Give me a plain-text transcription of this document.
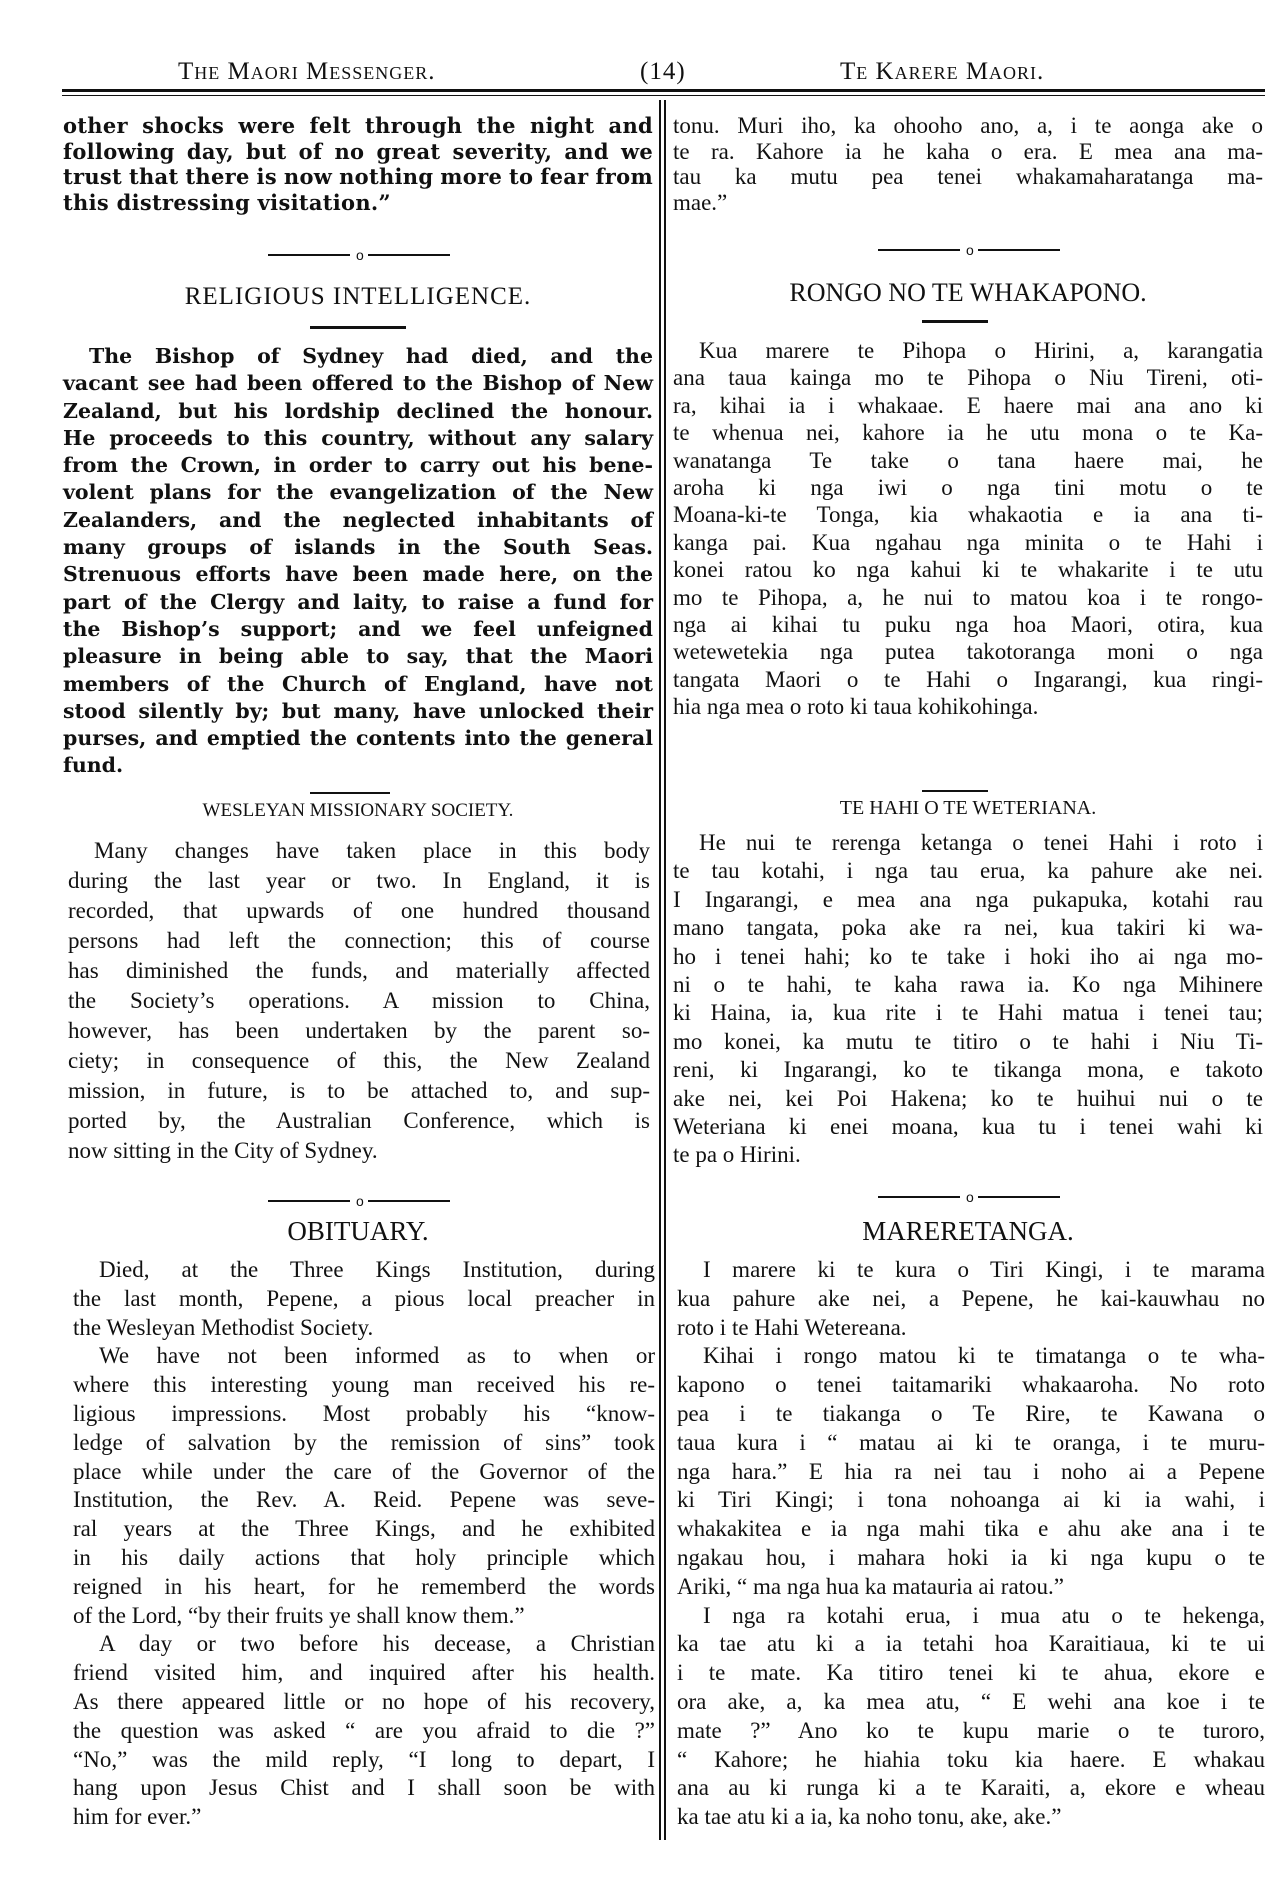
The Maori Messenger.	(14)	Te Karere Maori.
other shocks were felt through the night and
following day, but of no great severity, and we
trust that there is now nothing more to fear from
this distressing visitation.”
o
RELIGIOUS INTELLIGENCE.
The Bishop of Sydney had died, and the
vacant see had been offered to the Bishop of New
Zealand, but his lordship declined the honour.
He proceeds to this country, without any salary
from the Crown, in order to carry out his bene-
volent plans for the evangelization of the New
Zealanders, and the neglected inhabitants of
many groups of islands in the South Seas.
Strenuous efforts have been made here, on the
part of the Clergy and laity, to raise a fund for
the Bishop’s support; and we feel unfeigned
pleasure in being able to say, that the Maori
members of the Church of England, have not
stood silently by; but many, have unlocked their
purses, and emptied the contents into the general
fund.
WESLEYAN MISSIONARY SOCIETY.
Many changes have taken place in this body
during the last year or two. In England, it is
recorded, that upwards of one hundred thousand
persons had left the connection; this of course
has diminished the funds, and materially affected
the Society’s operations. A mission to China,
however, has been undertaken by the parent so-
ciety; in consequence of this, the New Zealand
mission, in future, is to be attached to, and sup-
ported by, the Australian Conference, which is
now sitting in the City of Sydney.
o
OBITUARY.
Died, at the Three Kings Institution, during
the last month, Pepene, a pious local preacher in
the Wesleyan Methodist Society.
We have not been informed as to when or
where this interesting young man received his re-
ligious impressions. Most probably his “know-
ledge of salvation by the remission of sins” took
place while under the care of the Governor of the
Institution, the Rev. A. Reid. Pepene was seve-
ral years at the Three Kings, and he exhibited
in his daily actions that holy principle which
reigned in his heart, for he rememberd the words
of the Lord, “by their fruits ye shall know them.”
A day or two before his decease, a Christian
friend visited him, and inquired after his health.
As there appeared little or no hope of his recovery,
the question was asked “ are you afraid to die ?”
“No,” was the mild reply, “I long to depart, I
hang upon Jesus Chist and I shall soon be with
him for ever.”
tonu. Muri iho, ka ohooho ano, a, i te aonga ake o
te ra. Kahore ia he kaha o era. E mea ana ma-
tau ka mutu pea tenei whakamaharatanga ma-
mae.”
o
RONGO NO TE WHAKAPONO.
Kua marere te Pihopa o Hirini, a, karangatia
ana taua kainga mo te Pihopa o Niu Tireni, oti-
ra, kihai ia i whakaae. E haere mai ana ano ki
te whenua nei, kahore ia he utu mona o te Ka-
wanatanga Te take o tana haere mai, he
aroha ki nga iwi o nga tini motu o te
Moana-ki-te Tonga, kia whakaotia e ia ana ti-
kanga pai. Kua ngahau nga minita o te Hahi i
konei ratou ko nga kahui ki te whakarite i te utu
mo te Pihopa, a, he nui to matou koa i te rongo-
nga ai kihai tu puku nga hoa Maori, otira, kua
wetewetekia nga putea takotoranga moni o nga
tangata Maori o te Hahi o Ingarangi, kua ringi-
hia nga mea o roto ki taua kohikohinga.
TE HAHI O TE WETERIANA.
He nui te rerenga ketanga o tenei Hahi i roto i
te tau kotahi, i nga tau erua, ka pahure ake nei.
I Ingarangi, e mea ana nga pukapuka, kotahi rau
mano tangata, poka ake ra nei, kua takiri ki wa-
ho i tenei hahi; ko te take i hoki iho ai nga mo-
ni o te hahi, te kaha rawa ia. Ko nga Mihinere
ki Haina, ia, kua rite i te Hahi matua i tenei tau;
mo konei, ka mutu te titiro o te hahi i Niu Ti-
reni, ki Ingarangi, ko te tikanga mona, e takoto
ake nei, kei Poi Hakena; ko te huihui nui o te
Weteriana ki enei moana, kua tu i tenei wahi ki
te pa o Hirini.
o
MARERETANGA.
I marere ki te kura o Tiri Kingi, i te marama
kua pahure ake nei, a Pepene, he kai-kauwhau no
roto i te Hahi Wetereana.
Kihai i rongo matou ki te timatanga o te wha-
kapono o tenei taitamariki whakaaroha. No roto
pea i te tiakanga o Te Rire, te Kawana o
taua kura i “ matau ai ki te oranga, i te muru-
nga hara.” E hia ra nei tau i noho ai a Pepene
ki Tiri Kingi; i tona nohoanga ai ki ia wahi, i
whakakitea e ia nga mahi tika e ahu ake ana i te
ngakau hou, i mahara hoki ia ki nga kupu o te
Ariki, “ ma nga hua ka matauria ai ratou.”
I nga ra kotahi erua, i mua atu o te hekenga,
ka tae atu ki a ia tetahi hoa Karaitiaua, ki te ui
i te mate. Ka titiro tenei ki te ahua, ekore e
ora ake, a, ka mea atu, “ E wehi ana koe i te
mate ?” Ano ko te kupu marie o te turoro,
“ Kahore; he hiahia toku kia haere. E whakau
ana au ki runga ki a te Karaiti, a, ekore e wheau
ka tae atu ki a ia, ka noho tonu, ake, ake.”
